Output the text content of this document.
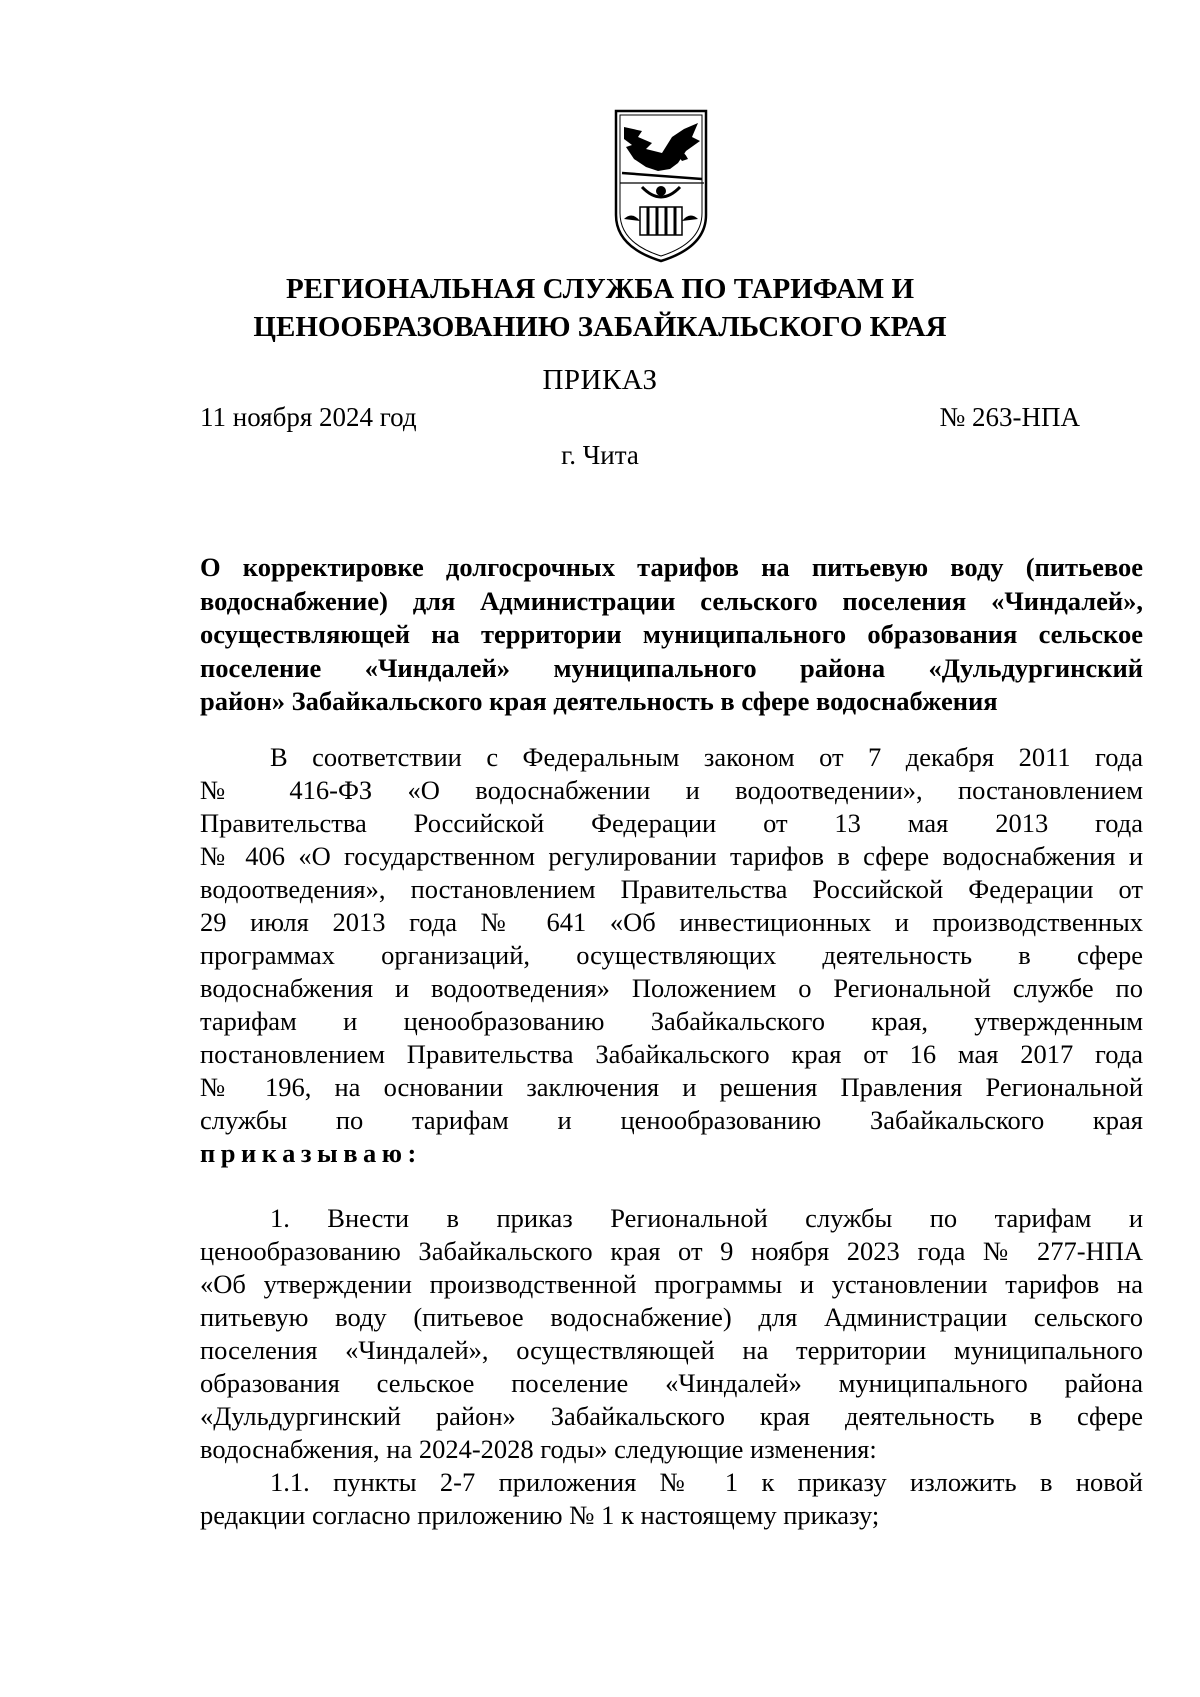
РЕГИОНАЛЬНАЯ СЛУЖБА ПО ТАРИФАМ И
ЦЕНООБРАЗОВАНИЮ ЗАБАЙКАЛЬСКОГО КРАЯ
ПРИКАЗ
11 ноября 2024 год	№ 263-НПА
г. Чита
О корректировке долгосрочных тарифов на питьевую воду (питьевое
водоснабжение) для Администрации сельского поселения «Чиндалей»,
осуществляющей на территории муниципального образования сельское
поселение «Чиндалей» муниципального района «Дульдургинский
район» Забайкальского края деятельность в сфере водоснабжения
В соответствии с Федеральным законом от 7 декабря 2011 года
№ 416-ФЗ «О водоснабжении и водоотведении», постановлением
Правительства Российской Федерации от 13 мая 2013 года
№ 406 «О государственном регулировании тарифов в сфере водоснабжения и
водоотведения», постановлением Правительства Российской Федерации от
29 июля 2013 года № 641 «Об инвестиционных и производственных
программах организаций, осуществляющих деятельность в сфере
водоснабжения и водоотведения» Положением о Региональной службе по
тарифам и ценообразованию Забайкальского края, утвержденным
постановлением Правительства Забайкальского края от 16 мая 2017 года
№ 196, на основании заключения и решения Правления Региональной
службы по тарифам и ценообразованию Забайкальского края
приказываю:
1. Внести в приказ Региональной службы по тарифам и
ценообразованию Забайкальского края от 9 ноября 2023 года № 277-НПА
«Об утверждении производственной программы и установлении тарифов на
питьевую воду (питьевое водоснабжение) для Администрации сельского
поселения «Чиндалей», осуществляющей на территории муниципального
образования сельское поселение «Чиндалей» муниципального района
«Дульдургинский район» Забайкальского края деятельность в сфере
водоснабжения, на 2024-2028 годы» следующие изменения:
1.1. пункты 2-7 приложения № 1 к приказу изложить в новой
редакции согласно приложению № 1 к настоящему приказу;
